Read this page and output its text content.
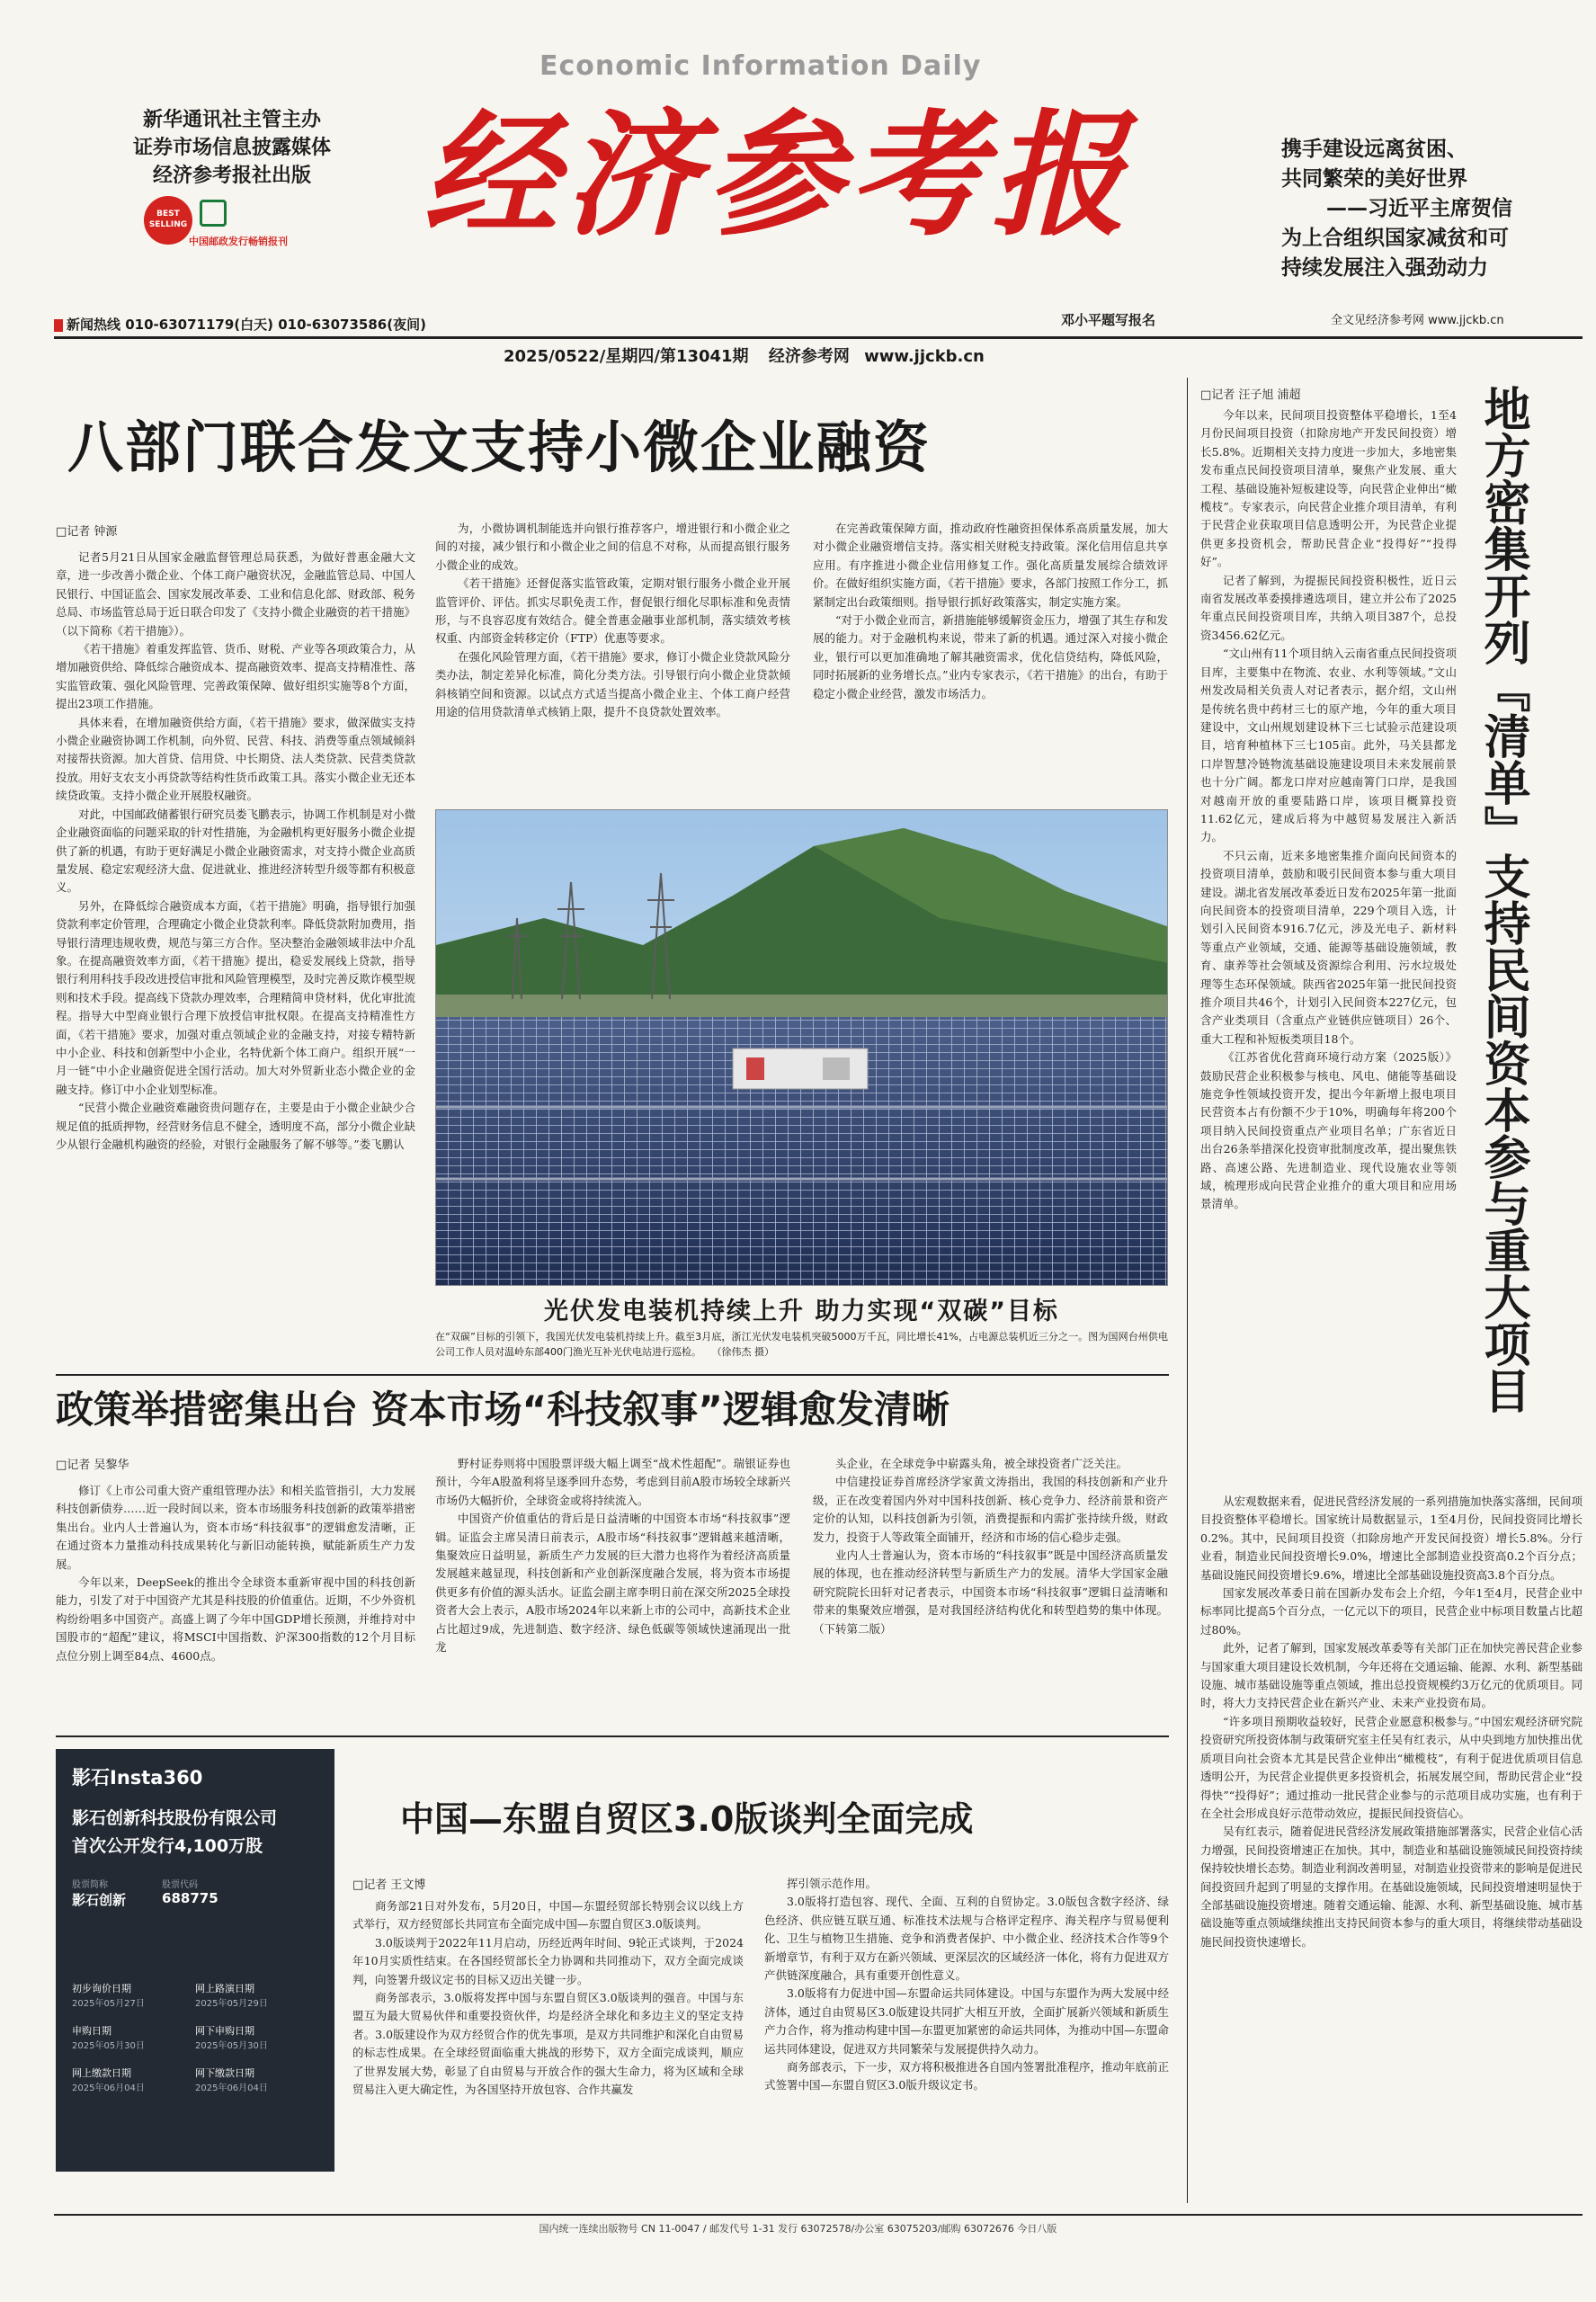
Economic Information Daily
新华通讯社主管主办
证券市场信息披露媒体
经济参考报社出版
BEST SELLING
中国邮政发行畅销报刊	经济参考报
邓小平题写报名
携手建设远离贫困、
共同繁荣的美好世界
——习近平主席贺信
为上合组织国家减贫和可
持续发展注入强劲动力
全文见经济参考网 www.jjckb.cn
新闻热线 010-63071179(白天) 010-63073586(夜间)
2025/0522/星期四/第13041期 经济参考网 www.jjckb.cn
八部门联合发文支持小微企业融资
□记者 钟源

记者5月21日从国家金融监督管理总局获悉，为做好普惠金融大文章，进一步改善小微企业、个体工商户融资状况，金融监管总局、中国人民银行、中国证监会、国家发展改革委、工业和信息化部、财政部、税务总局、市场监管总局于近日联合印发了《支持小微企业融资的若干措施》（以下简称《若干措施》）。

《若干措施》着重发挥监管、货币、财税、产业等各项政策合力，从增加融资供给、降低综合融资成本、提高融资效率、提高支持精准性、落实监管政策、强化风险管理、完善政策保障、做好组织实施等8个方面，提出23项工作措施。

具体来看，在增加融资供给方面，《若干措施》要求，做深做实支持小微企业融资协调工作机制，向外贸、民营、科技、消费等重点领域倾斜对接帮扶资源。加大首贷、信用贷、中长期贷、法人类贷款、民营类贷款投放。用好支农支小再贷款等结构性货币政策工具。落实小微企业无还本续贷政策。支持小微企业开展股权融资。

对此，中国邮政储蓄银行研究员娄飞鹏表示，协调工作机制是对小微企业融资面临的问题采取的针对性措施，为金融机构更好服务小微企业提供了新的机遇，有助于更好满足小微企业融资需求，对支持小微企业高质量发展、稳定宏观经济大盘、促进就业、推进经济转型升级等都有积极意义。

另外，在降低综合融资成本方面，《若干措施》明确，指导银行加强贷款利率定价管理，合理确定小微企业贷款利率。降低贷款附加费用，指导银行清理违规收费，规范与第三方合作。坚决整治金融领域非法中介乱象。在提高融资效率方面，《若干措施》提出，稳妥发展线上贷款，指导银行利用科技手段改进授信审批和风险管理模型，及时完善反欺诈模型规则和技术手段。提高线下贷款办理效率，合理精简申贷材料，优化审批流程。指导大中型商业银行合理下放授信审批权限。在提高支持精准性方面，《若干措施》要求，加强对重点领域企业的金融支持，对接专精特新中小企业、科技和创新型中小企业，名特优新个体工商户。组织开展“一月一链”中小企业融资促进全国行活动。加大对外贸新业态小微企业的金融支持。修订中小企业划型标准。

“民营小微企业融资难融资贵问题存在，主要是由于小微企业缺少合规足值的抵质押物，经营财务信息不健全，透明度不高，部分小微企业缺少从银行金融机构融资的经验，对银行金融服务了解不够等。”娄飞鹏认

为，小微协调机制能选并向银行推荐客户，增进银行和小微企业之间的对接，减少银行和小微企业之间的信息不对称，从而提高银行服务小微企业的成效。

《若干措施》还督促落实监管政策，定期对银行服务小微企业开展监管评价、评估。抓实尽职免责工作，督促银行细化尽职标准和免责情形，与不良容忍度有效结合。健全普惠金融事业部机制，落实绩效考核权重、内部资金转移定价（FTP）优惠等要求。

在强化风险管理方面，《若干措施》要求，修订小微企业贷款风险分类办法，制定差异化标准，简化分类方法。引导银行向小微企业贷款倾斜核销空间和资源。以试点方式适当提高小微企业主、个体工商户经营用途的信用贷款清单式核销上限，提升不良贷款处置效率。

在完善政策保障方面，推动政府性融资担保体系高质量发展，加大对小微企业融资增信支持。落实相关财税支持政策。深化信用信息共享应用。有序推进小微企业信用修复工作。强化高质量发展综合绩效评价。在做好组织实施方面，《若干措施》要求，各部门按照工作分工，抓紧制定出台政策细则。指导银行抓好政策落实，制定实施方案。

“对于小微企业而言，新措施能够缓解资金压力，增强了其生存和发展的能力。对于金融机构来说，带来了新的机遇。通过深入对接小微企业，银行可以更加准确地了解其融资需求，优化信贷结构，降低风险，同时拓展新的业务增长点。”业内专家表示，《若干措施》的出台，有助于稳定小微企业经营，激发市场活力。

光伏发电装机持续上升 助力实现“双碳”目标
在“双碳”目标的引领下，我国光伏发电装机持续上升。截至3月底，浙江光伏发电装机突破5000万千瓦，同比增长41%，占电源总装机近三分之一。图为国网台州供电公司工作人员对温岭东部400门渔光互补光伏电站进行巡检。 （徐伟杰 摄）
政策举措密集出台 资本市场“科技叙事”逻辑愈发清晰
□记者 吴黎华

修订《上市公司重大资产重组管理办法》和相关监管指引，大力发展科技创新债券……近一段时间以来，资本市场服务科技创新的政策举措密集出台。业内人士普遍认为，资本市场“科技叙事”的逻辑愈发清晰，正在通过资本力量推动科技成果转化与新旧动能转换，赋能新质生产力发展。

今年以来，DeepSeek的推出令全球资本重新审视中国的科技创新能力，引发了对于中国资产尤其是科技股的价值重估。近期，不少外资机构纷纷唱多中国资产。高盛上调了今年中国GDP增长预测，并维持对中国股市的“超配”建议，将MSCI中国指数、沪深300指数的12个月目标点位分别上调至84点、4600点。

野村证券则将中国股票评级大幅上调至“战术性超配”。瑞银证券也预计，今年A股盈利将呈逐季回升态势，考虑到目前A股市场较全球新兴市场仍大幅折价，全球资金或将持续流入。

中国资产价值重估的背后是日益清晰的中国资本市场“科技叙事”逻辑。证监会主席吴清日前表示，A股市场“科技叙事”逻辑越来越清晰，集聚效应日益明显，新质生产力发展的巨大潜力也将作为着经济高质量发展越来越显现，科技创新和产业创新深度融合发展，将为资本市场提供更多有价值的源头活水。证监会副主席李明日前在深交所2025全球投资者大会上表示，A股市场2024年以来新上市的公司中，高新技术企业占比超过9成，先进制造、数字经济、绿色低碳等领域快速涌现出一批龙

头企业，在全球竞争中崭露头角，被全球投资者广泛关注。

中信建投证券首席经济学家黄文涛指出，我国的科技创新和产业升级，正在改变着国内外对中国科技创新、核心竞争力、经济前景和资产定价的认知，以科技创新为引领，消费提振和内需扩张持续升级，财政发力，投资于人等政策全面铺开，经济和市场的信心稳步走强。

业内人士普遍认为，资本市场的“科技叙事”既是中国经济高质量发展的体现，也在推动经济转型与新质生产力的发展。清华大学国家金融研究院院长田轩对记者表示，中国资本市场“科技叙事”逻辑日益清晰和带来的集聚效应增强，是对我国经济结构优化和转型趋势的集中体现。（下转第二版）

影石Insta360
影石创新科技股份有限公司
首次公开发行4,100万股
股票简称
影石创新
股票代码
688775
初步询价日期
2025年05月27日
网上路演日期
2025年05月29日
申购日期
2025年05月30日
网下申购日期
2025年05月30日
网上缴款日期
2025年06月04日
网下缴款日期
2025年06月04日
中国—东盟自贸区3.0版谈判全面完成
□记者 王文博

商务部21日对外发布，5月20日，中国—东盟经贸部长特别会议以线上方式举行，双方经贸部长共同宣布全面完成中国—东盟自贸区3.0版谈判。

3.0版谈判于2022年11月启动，历经近两年时间、9轮正式谈判，于2024年10月实质性结束。在各国经贸部长全力协调和共同推动下，双方全面完成谈判，向签署升级议定书的目标又迈出关键一步。

商务部表示，3.0版将发挥中国与东盟自贸区3.0版谈判的强音。中国与东盟互为最大贸易伙伴和重要投资伙伴，均是经济全球化和多边主义的坚定支持者。3.0版建设作为双方经贸合作的优先事项，是双方共同维护和深化自由贸易的标志性成果。在全球经贸面临重大挑战的形势下，双方全面完成谈判，顺应了世界发展大势，彰显了自由贸易与开放合作的强大生命力，将为区域和全球贸易注入更大确定性，为各国坚持开放包容、合作共赢发

挥引领示范作用。

3.0版将打造包容、现代、全面、互利的自贸协定。3.0版包含数字经济、绿色经济、供应链互联互通、标准技术法规与合格评定程序、海关程序与贸易便利化、卫生与植物卫生措施、竞争和消费者保护、中小微企业、经济技术合作等9个新增章节，有利于双方在新兴领域、更深层次的区域经济一体化，将有力促进双方产供链深度融合，具有重要开创性意义。

3.0版将有力促进中国—东盟命运共同体建设。中国与东盟作为两大发展中经济体，通过自由贸易区3.0版建设共同扩大相互开放，全面扩展新兴领域和新质生产力合作，将为推动构建中国—东盟更加紧密的命运共同体，为推动中国—东盟命运共同体建设，促进双方共同繁荣与发展提供持久动力。

商务部表示，下一步，双方将积极推进各自国内签署批准程序，推动年底前正式签署中国—东盟自贸区3.0版升级议定书。

□记者 汪子旭 浦超

今年以来，民间项目投资整体平稳增长，1至4月份民间项目投资（扣除房地产开发民间投资）增长5.8%。近期相关支持力度进一步加大，多地密集发布重点民间投资项目清单，聚焦产业发展、重大工程、基础设施补短板建设等，向民营企业伸出“橄榄枝”。专家表示，向民营企业推介项目清单，有利于民营企业获取项目信息透明公开，为民营企业提供更多投资机会，帮助民营企业“投得好”“投得好”。

记者了解到，为提振民间投资积极性，近日云南省发展改革委摸排遴选项目，建立并公布了2025年重点民间投资项目库，共纳入项目387个，总投资3456.62亿元。

“文山州有11个项目纳入云南省重点民间投资项目库，主要集中在物流、农业、水利等领域。”文山州发改局相关负责人对记者表示，据介绍，文山州是传统名贵中药材三七的原产地，今年的重大项目建设中，文山州规划建设林下三七试验示范建设项目，培育种植林下三七105亩。此外，马关县都龙口岸智慧冷链物流基础设施建设项目未来发展前景也十分广阔。都龙口岸对应越南箐门口岸，是我国对越南开放的重要陆路口岸，该项目概算投资11.62亿元，建成后将为中越贸易发展注入新活力。

不只云南，近来多地密集推介面向民间资本的投资项目清单，鼓励和吸引民间资本参与重大项目建设。湖北省发展改革委近日发布2025年第一批面向民间资本的投资项目清单，229个项目入选，计划引入民间资本916.7亿元，涉及光电子、新材料等重点产业领域，交通、能源等基础设施领域，教育、康养等社会领域及资源综合利用、污水垃圾处理等生态环保领域。陕西省2025年第一批民间投资推介项目共46个，计划引入民间资本227亿元，包含产业类项目（含重点产业链供应链项目）26个、重大工程和补短板类项目18个。

《江苏省优化营商环境行动方案（2025版）》鼓励民营企业积极参与核电、风电、储能等基础设施竞争性领域投资开发，提出今年新增上报电项目民营资本占有份额不少于10%，明确每年将200个项目纳入民间投资重点产业项目名单；广东省近日出台26条举措深化投资审批制度改革，提出聚焦铁路、高速公路、先进制造业、现代设施农业等领域，梳理形成向民营企业推介的重大项目和应用场景清单。

从宏观数据来看，促进民营经济发展的一系列措施加快落实落细，民间项目投资整体平稳增长。国家统计局数据显示，1至4月份，民间投资同比增长0.2%。其中，民间项目投资（扣除房地产开发民间投资）增长5.8%。分行业看，制造业民间投资增长9.0%，增速比全部制造业投资高0.2个百分点；基础设施民间投资增长9.6%，增速比全部基础设施投资高3.8个百分点。

国家发展改革委日前在国新办发布会上介绍，今年1至4月，民营企业中标率同比提高5个百分点，一亿元以下的项目，民营企业中标项目数量占比超过80%。

此外，记者了解到，国家发展改革委等有关部门正在加快完善民营企业参与国家重大项目建设长效机制，今年还将在交通运输、能源、水利、新型基础设施、城市基础设施等重点领域，推出总投资规模约3万亿元的优质项目。同时，将大力支持民营企业在新兴产业、未来产业投资布局。

“许多项目预期收益较好，民营企业愿意积极参与。”中国宏观经济研究院投资研究所投资体制与政策研究室主任吴有红表示，从中央到地方加快推出优质项目向社会资本尤其是民营企业伸出“橄榄枝”，有利于促进优质项目信息透明公开，为民营企业提供更多投资机会，拓展发展空间，帮助民营企业“投得快”“投得好”；通过推动一批民营企业参与的示范项目成功实施，也有利于在全社会形成良好示范带动效应，提振民间投资信心。

吴有红表示，随着促进民营经济发展政策措施部署落实，民营企业信心活力增强，民间投资增速正在加快。其中，制造业和基础设施领域民间投资持续保持较快增长态势。制造业利润改善明显，对制造业投资带来的影响是促进民间投资回升起到了明显的支撑作用。在基础设施领域，民间投资增速明显快于全部基础设施投资增速。随着交通运输、能源、水利、新型基础设施、城市基础设施等重点领域继续推出支持民间资本参与的重大项目，将继续带动基础设施民间投资快速增长。

地方密集开列『清单』支持民间资本参与重大项目
国内统一连续出版物号 CN 11-0047 / 邮发代号 1-31 发行 63072578/办公室 63075203/邮购 63072676 今日八版
